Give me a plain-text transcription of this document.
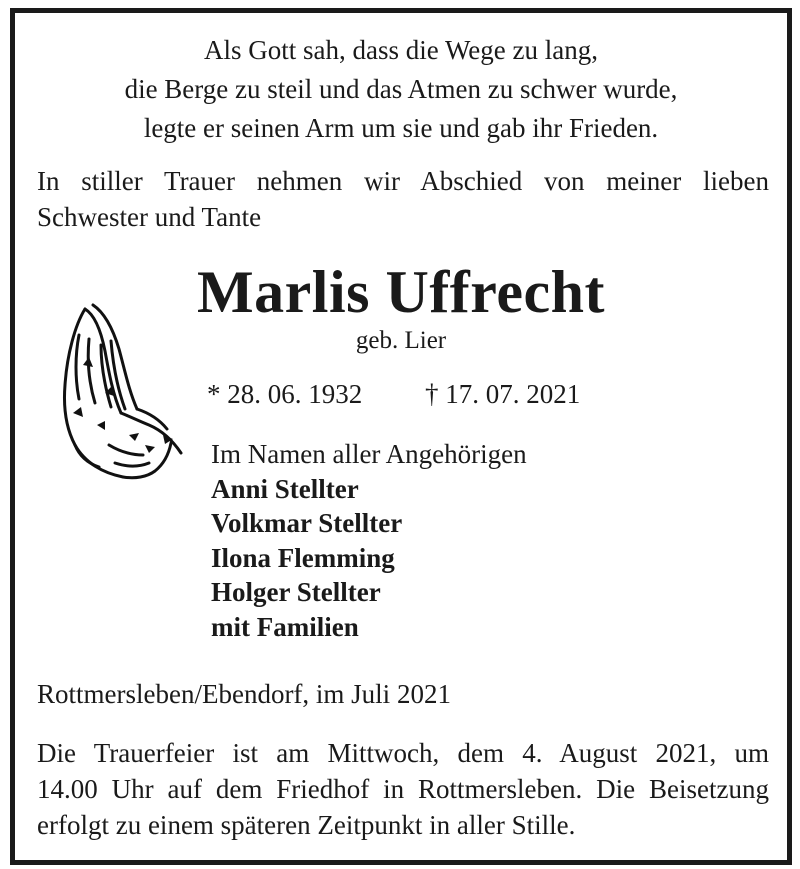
Als Gott sah, dass die Wege zu lang,
die Berge zu steil und das Atmen zu schwer wurde,
legte er seinen Arm um sie und gab ihr Frieden.
In stiller Trauer nehmen wir Abschied von meiner lieben
Schwester und Tante
Marlis Uffrecht
geb. Lier
* 28. 06. 1932 † 17. 07. 2021
Im Namen aller Angehörigen
Anni Stellter
Volkmar Stellter
Ilona Flemming
Holger Stellter
mit Familien
Rottmersleben/Ebendorf, im Juli 2021
Die Trauerfeier ist am Mittwoch, dem 4. August 2021, um
14.00 Uhr auf dem Friedhof in Rottmersleben. Die Beisetzung
erfolgt zu einem späteren Zeitpunkt in aller Stille.
